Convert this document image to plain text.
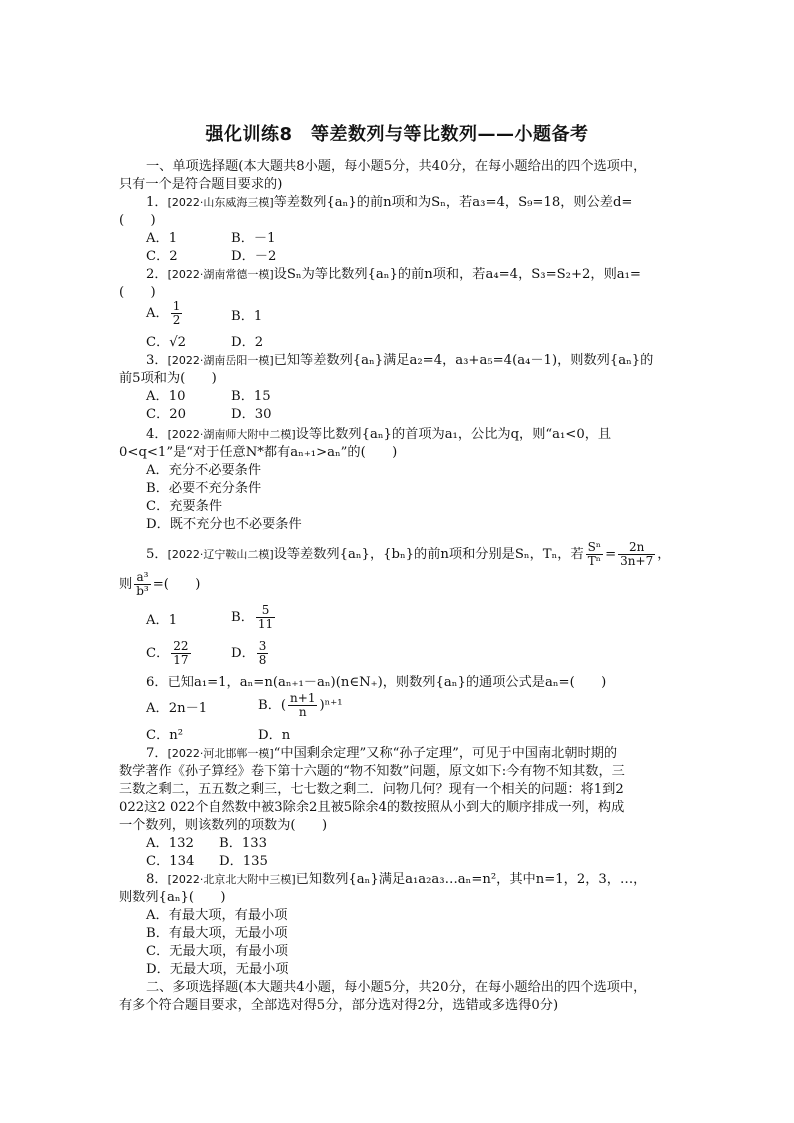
强化训练8　等差数列与等比数列——小题备考
一、单项选择题(本大题共8小题，每小题5分，共40分，在每小题给出的四个选项中，
只有一个是符合题目要求的)
1．[2022·山东威海三模]等差数列{aₙ}的前n项和为Sₙ，若a₃=4，S₉=18，则公差d=
(　　)
A．1	B．－1
C．2	D．－2
2．[2022·湖南常德一模]设Sₙ为等比数列{aₙ}的前n项和，若a₄=4，S₃=S₂+2，则a₁=
(　　)
A． $\frac{1}{2}$	B．1
C．√2	D．2
3．[2022·湖南岳阳一模]已知等差数列{aₙ}满足a₂=4，a₃+a₅=4(a₄－1)，则数列{aₙ}的
前5项和为(　　)
A．10	B．15
C．20	D．30
4．[2022·湖南师大附中二模]设等比数列{aₙ}的首项为a₁，公比为q，则“a₁<0，且
0<q<1”是“对于任意N*都有aₙ₊₁>aₙ”的(　　)
A．充分不必要条件
B．必要不充分条件
C．充要条件
D．既不充分也不必要条件
5．[2022·辽宁鞍山二模]设等差数列{aₙ}，{bₙ}的前n项和分别是Sₙ，Tₙ，若 $\frac{\text{Sⁿ}}{\text{Tⁿ}} = \frac{2n}{3n+7}$ ，
则 $\frac{\text{a³}}{\text{b³}}$ =(　　)
A．1	B． $\frac{5}{11}$
C． $\frac{22}{17}$	D． $\frac{3}{8}$
6．已知a₁=1，aₙ=n(aₙ₊₁－aₙ)(n∈N₊)，则数列{aₙ}的通项公式是aₙ=(　　)
A．2n－1	B．( $\frac{n+1}{n} )^{n+1}$
C．n²	D．n
7．[2022·河北邯郸一模]“中国剩余定理”又称“孙子定理”，可见于中国南北朝时期的
数学著作《孙子算经》卷下第十六题的“物不知数”问题，原文如下:今有物不知其数，三
三数之剩二，五五数之剩三，七七数之剩二．问物几何？现有一个相关的问题：将1到2
022这2 022个自然数中被3除余2且被5除余4的数按照从小到大的顺序排成一列，构成
一个数列，则该数列的项数为(　　)
A．132 B．133
C．134 D．135
8．[2022·北京北大附中三模]已知数列{aₙ}满足a₁a₂a₃…aₙ=n²，其中n=1，2，3，…，
则数列{aₙ}(　　)
A．有最大项，有最小项
B．有最大项，无最小项
C．无最大项，有最小项
D．无最大项，无最小项
二、多项选择题(本大题共4小题，每小题5分，共20分，在每小题给出的四个选项中，
有多个符合题目要求，全部选对得5分，部分选对得2分，选错或多选得0分)
